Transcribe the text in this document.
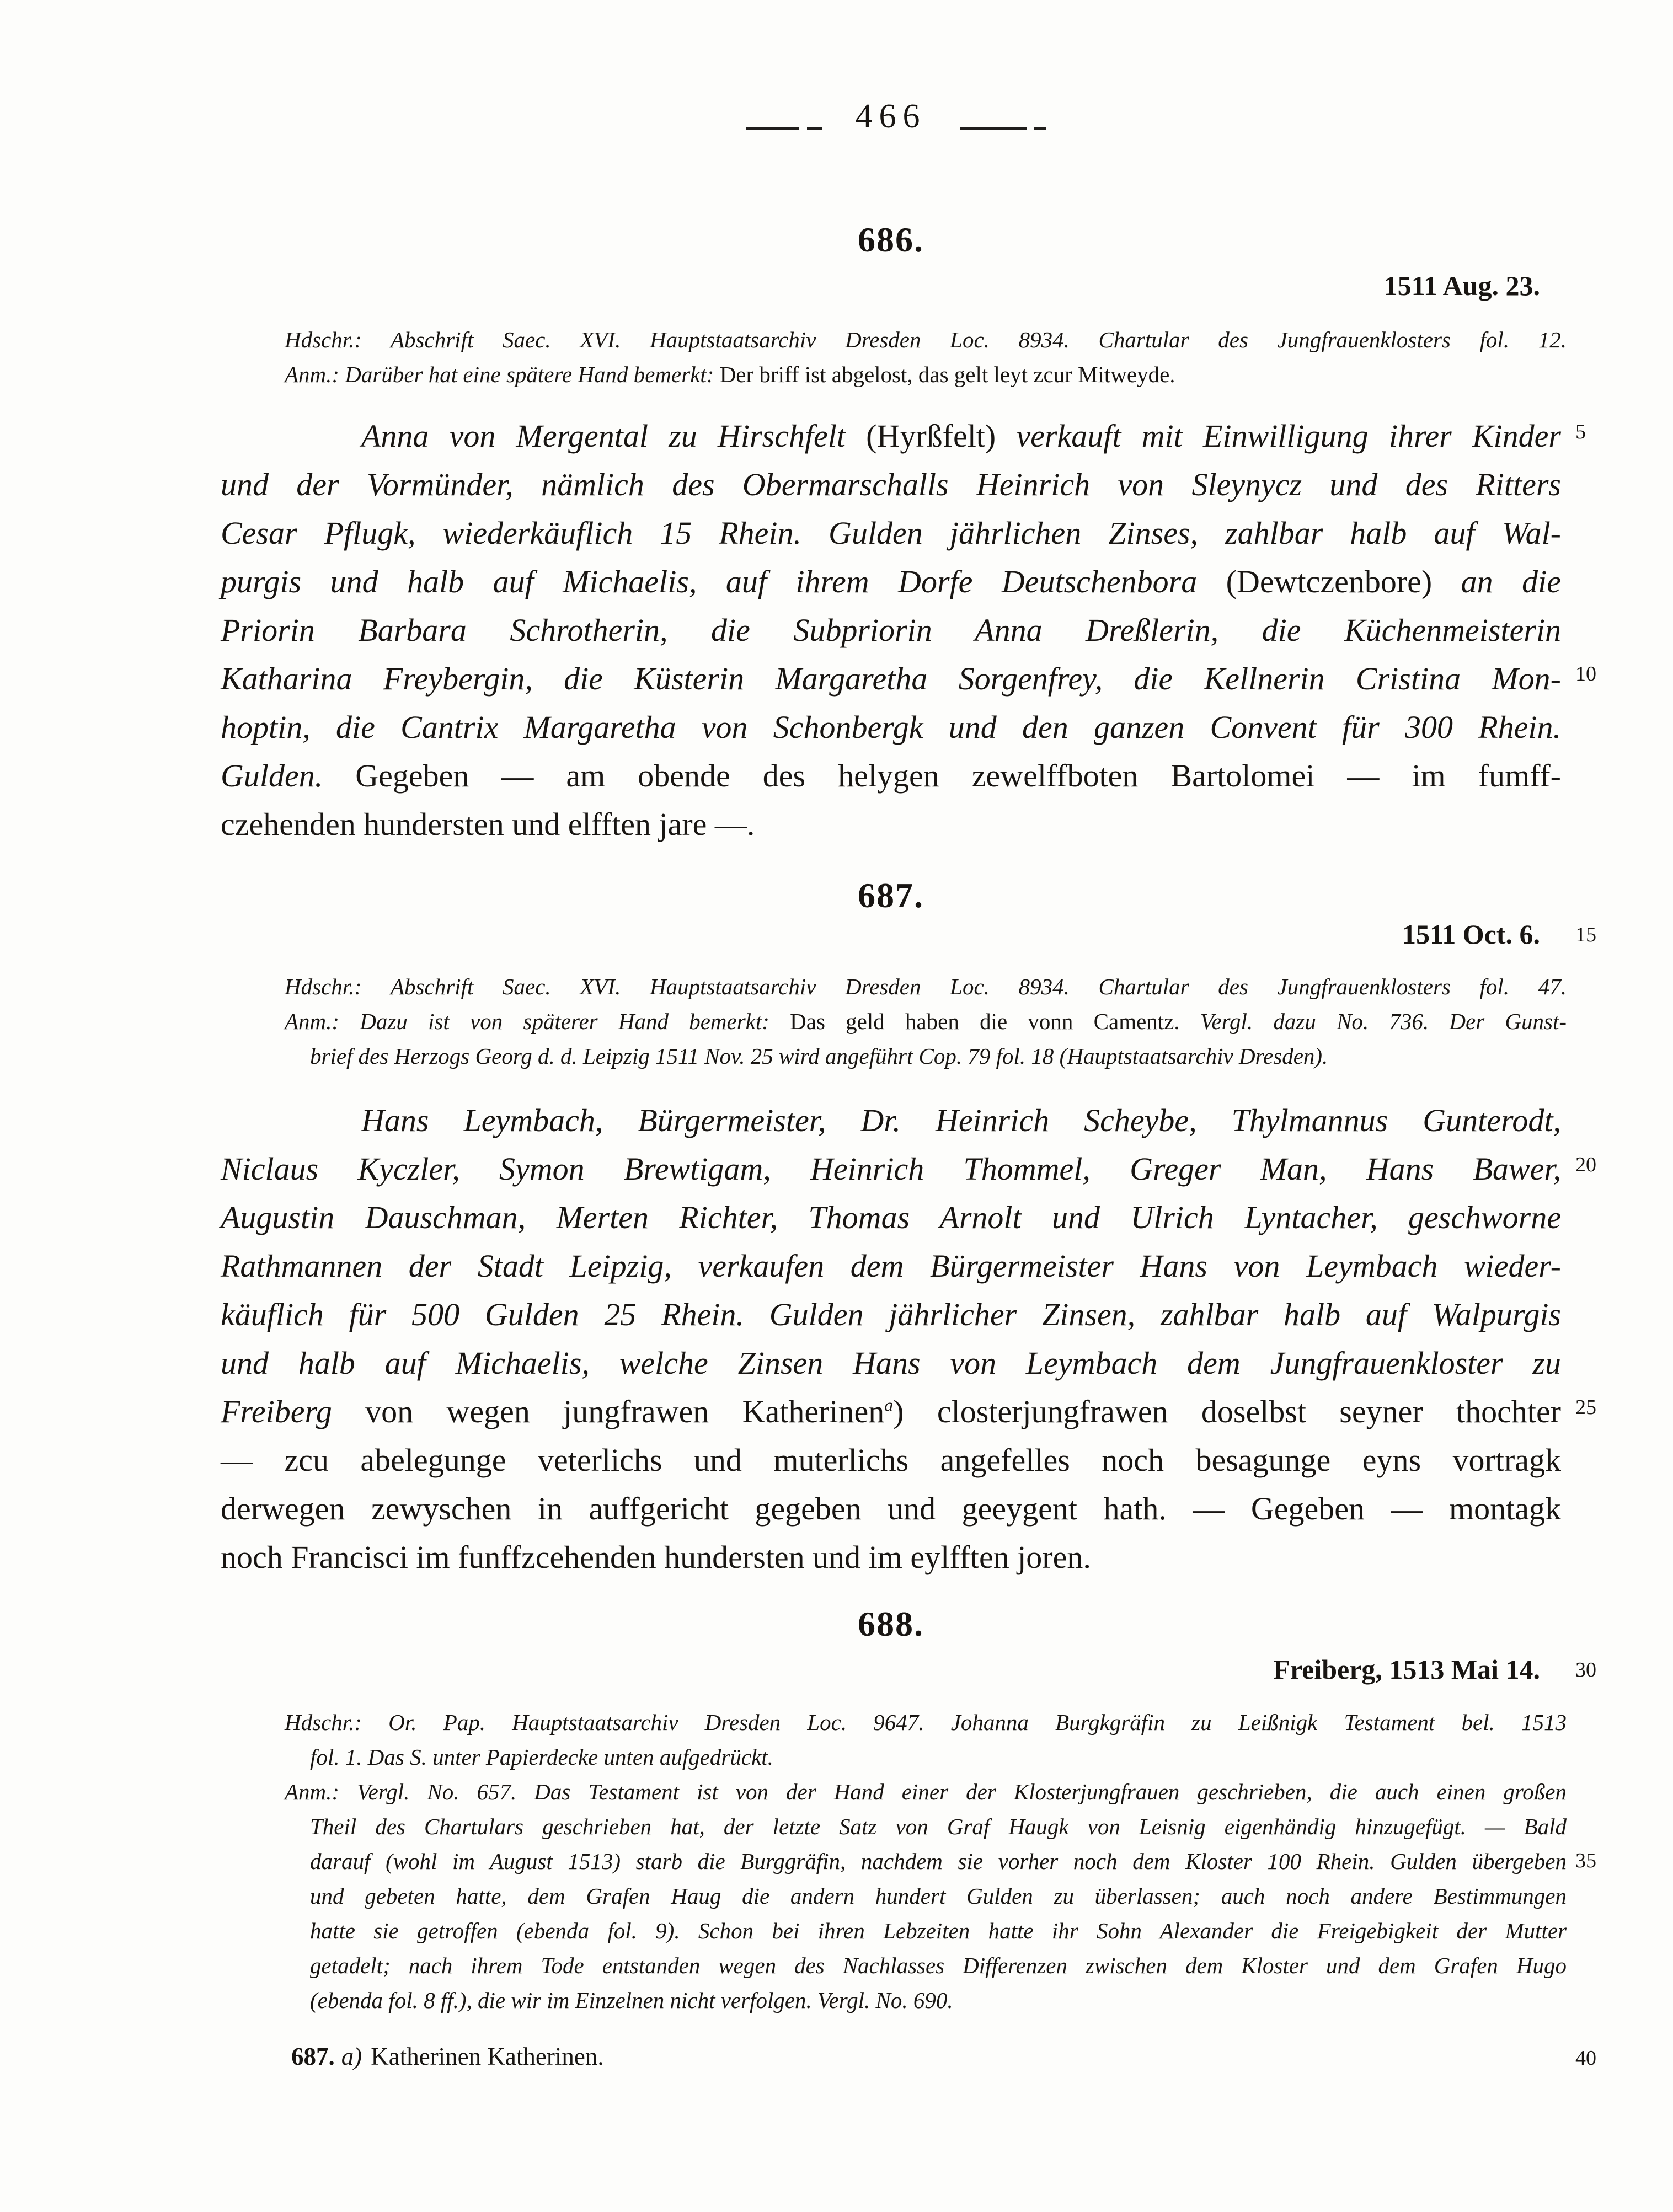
466
686.
1511 Aug. 23.
Hdschr.: Abschrift Saec. XVI. Hauptstaatsarchiv Dresden Loc. 8934. Chartular des Jungfrauenklosters fol. 12.
Anm.: Darüber hat eine spätere Hand bemerkt: Der briff ist abgelost, das gelt leyt zcur Mitweyde.
Anna von Mergental zu Hirschfelt (Hyrßfelt) verkauft mit Einwilligung ihrer Kinder
und der Vormünder, nämlich des Obermarschalls Heinrich von Sleynycz und des Ritters
Cesar Pflugk, wiederkäuflich 15 Rhein. Gulden jährlichen Zinses, zahlbar halb auf Wal-
purgis und halb auf Michaelis, auf ihrem Dorfe Deutschenbora (Dewtczenbore) an die
Priorin Barbara Schrotherin, die Subpriorin Anna Dreßlerin, die Küchenmeisterin
Katharina Freybergin, die Küsterin Margaretha Sorgenfrey, die Kellnerin Cristina Mon-
hoptin, die Cantrix Margaretha von Schonbergk und den ganzen Convent für 300 Rhein.
Gulden. Gegeben — am obende des helygen zewelffboten Bartolomei — im fumff-
czehenden hundersten und elfften jare —.
687.
1511 Oct. 6.
Hdschr.: Abschrift Saec. XVI. Hauptstaatsarchiv Dresden Loc. 8934. Chartular des Jungfrauenklosters fol. 47.
Anm.: Dazu ist von späterer Hand bemerkt: Das geld haben die vonn Camentz. Vergl. dazu No. 736. Der Gunst-
brief des Herzogs Georg d. d. Leipzig 1511 Nov. 25 wird angeführt Cop. 79 fol. 18 (Hauptstaatsarchiv Dresden).
Hans Leymbach, Bürgermeister, Dr. Heinrich Scheybe, Thylmannus Gunterodt,
Niclaus Kyczler, Symon Brewtigam, Heinrich Thommel, Greger Man, Hans Bawer,
Augustin Dauschman, Merten Richter, Thomas Arnolt und Ulrich Lyntacher, geschworne
Rathmannen der Stadt Leipzig, verkaufen dem Bürgermeister Hans von Leymbach wieder-
käuflich für 500 Gulden 25 Rhein. Gulden jährlicher Zinsen, zahlbar halb auf Walpurgis
und halb auf Michaelis, welche Zinsen Hans von Leymbach dem Jungfrauenkloster zu
Freiberg von wegen jungfrawen Katherinen$^a$) closterjungfrawen doselbst seyner thochter
— zcu abelegunge veterlichs und muterlichs angefelles noch besagunge eyns vortragk
derwegen zewyschen in auffgericht gegeben und geeygent hath. — Gegeben — montagk
noch Francisci im funffzcehenden hundersten und im eylfften joren.
688.
Freiberg, 1513 Mai 14.
Hdschr.: Or. Pap. Hauptstaatsarchiv Dresden Loc. 9647. Johanna Burgkgräfin zu Leißnigk Testament bel. 1513
fol. 1. Das S. unter Papierdecke unten aufgedrückt.
Anm.: Vergl. No. 657. Das Testament ist von der Hand einer der Klosterjungfrauen geschrieben, die auch einen großen
Theil des Chartulars geschrieben hat, der letzte Satz von Graf Haugk von Leisnig eigenhändig hinzugefügt. — Bald
darauf (wohl im August 1513) starb die Burggräfin, nachdem sie vorher noch dem Kloster 100 Rhein. Gulden übergeben
und gebeten hatte, dem Grafen Haug die andern hundert Gulden zu überlassen; auch noch andere Bestimmungen
hatte sie getroffen (ebenda fol. 9). Schon bei ihren Lebzeiten hatte ihr Sohn Alexander die Freigebigkeit der Mutter
getadelt; nach ihrem Tode entstanden wegen des Nachlasses Differenzen zwischen dem Kloster und dem Grafen Hugo
(ebenda fol. 8 ff.), die wir im Einzelnen nicht verfolgen. Vergl. No. 690.
5
10
15
20
25
30
35
40
687. a) Katherinen Katherinen.
